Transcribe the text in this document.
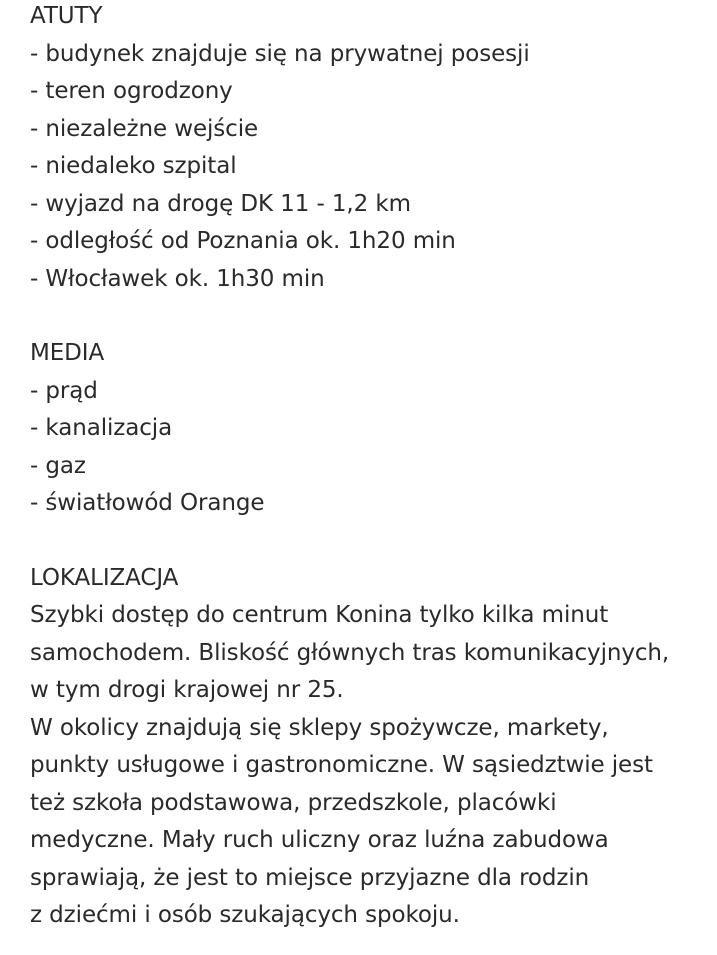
ATUTY
- budynek znajduje się na prywatnej posesji
- teren ogrodzony
- niezależne wejście
- niedaleko szpital
- wyjazd na drogę DK 11 - 1,2 km
- odległość od Poznania ok. 1h20 min
- Włocławek ok. 1h30 min
MEDIA
- prąd
- kanalizacja
- gaz
- światłowód Orange
LOKALIZACJA
Szybki dostęp do centrum Konina tylko kilka minut
samochodem. Bliskość głównych tras komunikacyjnych,
w tym drogi krajowej nr 25.
W okolicy znajdują się sklepy spożywcze, markety,
punkty usługowe i gastronomiczne. W sąsiedztwie jest
też szkoła podstawowa, przedszkole, placówki
medyczne. Mały ruch uliczny oraz luźna zabudowa
sprawiają, że jest to miejsce przyjazne dla rodzin
z dziećmi i osób szukających spokoju.
